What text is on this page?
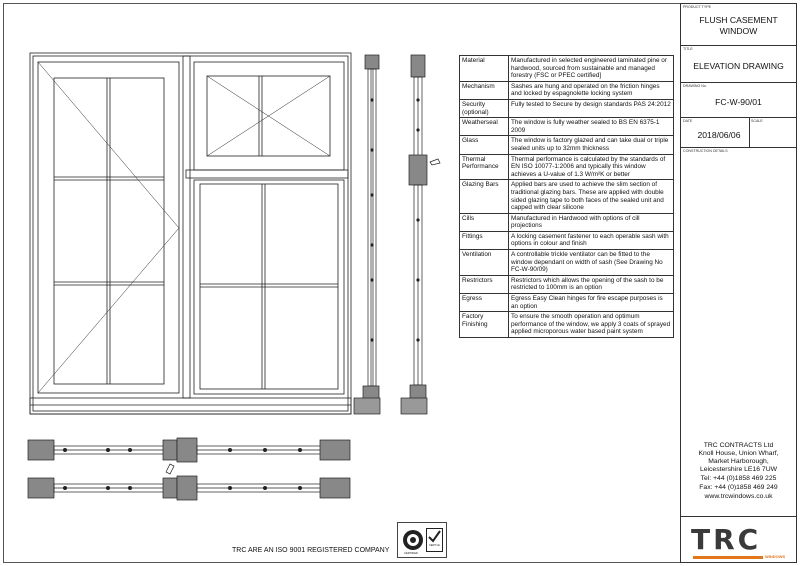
Material	Manufactured in selected engineered laminated pine or hardwood, sourced from sustainable and managed forestry (FSC or PFEC certified]
Mechanism	Sashes are hung and operated on the friction hinges and locked by espagnolette locking system
Security (optional)	Fully tested to Secure by design standards PAS 24:2012
Weatherseal	The window is fully weather sealed to BS EN 6375-1 2009
Glass	The window is factory glazed and can take dual or triple sealed units up to 32mm thickness
Thermal Performance	Thermal performance is calculated by the standards of EN ISO 10077-1:2006 and typically this window achieves a U-value of 1.3 W/m²K or better
Glazing Bars	Applied bars are used to achieve the slim section of traditional glazing bars. These are applied with double sided glazing tape to both faces of the sealed unit and capped with clear silicone
Cills	Manufactured in Hardwood with options of cill projections
Fittings	A locking casement fastener to each operable sash with options in colour and finish
Ventilation	A controllable trickle ventilator can be fitted to the window dependant on width of sash (See Drawing No FC-W-90/09)
Restrictors	Restrictors which allows the opening of the sash to be restricted to 100mm is an option
Egress	Egress Easy Clean hinges for fire escape purposes is an option
Factory Finishing	To ensure the smooth operation and optimum performance of the window, we apply 3 coats of sprayed applied microporous water based paint system
TRC ARE AN ISO 9001 REGISTERED COMPANY
CERT No
CERTIFIED
PRODUCT TYPE
FLUSH CASEMENT
WINDOW
TITLE
ELEVATION DRAWING
DRAWING No.
FC-W-90/01
DATE
2018/06/06
SCALE
CONSTRUCTION DETAILS
TRC CONTRACTS Ltd
Knoll House, Union Wharf,
Market Harborough,
Leicestershire LE16 7UW
Tel: +44 (0)1858 469 225
Fax: +44 (0)1858 469 249
www.trcwindows.co.uk
TRC
WINDOWS
